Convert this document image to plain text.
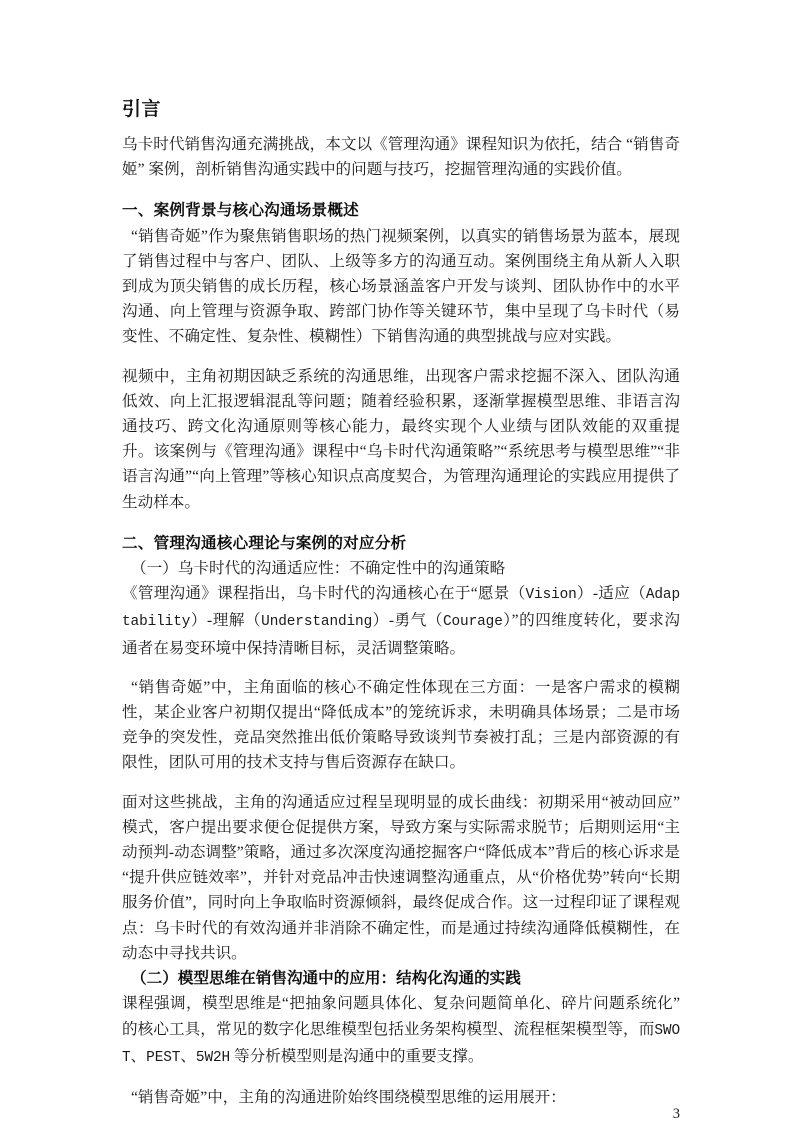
引言

乌卡时代销售沟通充满挑战，本文以《管理沟通》课程知识为依托，结合 “销售奇姬” 案例，剖析销售沟通实践中的问题与技巧，挖掘管理沟通的实践价值。

一、案例背景与核心沟通场景概述

“销售奇姬”作为聚焦销售职场的热门视频案例，以真实的销售场景为蓝本，展现了销售过程中与客户、团队、上级等多方的沟通互动。案例围绕主角从新人入职到成为顶尖销售的成长历程，核心场景涵盖客户开发与谈判、团队协作中的水平沟通、向上管理与资源争取、跨部门协作等关键环节，集中呈现了乌卡时代（易变性、不确定性、复杂性、模糊性）下销售沟通的典型挑战与应对实践。

视频中，主角初期因缺乏系统的沟通思维，出现客户需求挖掘不深入、团队沟通低效、向上汇报逻辑混乱等问题；随着经验积累，逐渐掌握模型思维、非语言沟通技巧、跨文化沟通原则等核心能力，最终实现个人业绩与团队效能的双重提升。该案例与《管理沟通》课程中“乌卡时代沟通策略”“系统思考与模型思维”“非语言沟通”“向上管理”等核心知识点高度契合，为管理沟通理论的实践应用提供了生动样本。

二、管理沟通核心理论与案例的对应分析
（一）乌卡时代的沟通适应性：不确定性中的沟通策略

《管理沟通》课程指出，乌卡时代的沟通核心在于“愿景（Vision）-适应（Adaptability）-理解（Understanding）-勇气（Courage）”的四维度转化，要求沟通者在易变环境中保持清晰目标，灵活调整策略。

“销售奇姬”中，主角面临的核心不确定性体现在三方面：一是客户需求的模糊性，某企业客户初期仅提出“降低成本”的笼统诉求，未明确具体场景；二是市场竞争的突发性，竞品突然推出低价策略导致谈判节奏被打乱；三是内部资源的有限性，团队可用的技术支持与售后资源存在缺口。

面对这些挑战，主角的沟通适应过程呈现明显的成长曲线：初期采用“被动回应”模式，客户提出要求便仓促提供方案，导致方案与实际需求脱节；后期则运用“主动预判-动态调整”策略，通过多次深度沟通挖掘客户“降低成本”背后的核心诉求是“提升供应链效率”，并针对竞品冲击快速调整沟通重点，从“价格优势”转向“长期服务价值”，同时向上争取临时资源倾斜，最终促成合作。这一过程印证了课程观点：乌卡时代的有效沟通并非消除不确定性，而是通过持续沟通降低模糊性，在动态中寻找共识。

（二）模型思维在销售沟通中的应用：结构化沟通的实践

课程强调，模型思维是“把抽象问题具体化、复杂问题简单化、碎片问题系统化”的核心工具，常见的数字化思维模型包括业务架构模型、流程框架模型等，而SWOT、PEST、5W2H 等分析模型则是沟通中的重要支撑。

“销售奇姬”中，主角的沟通进阶始终围绕模型思维的运用展开：

3
